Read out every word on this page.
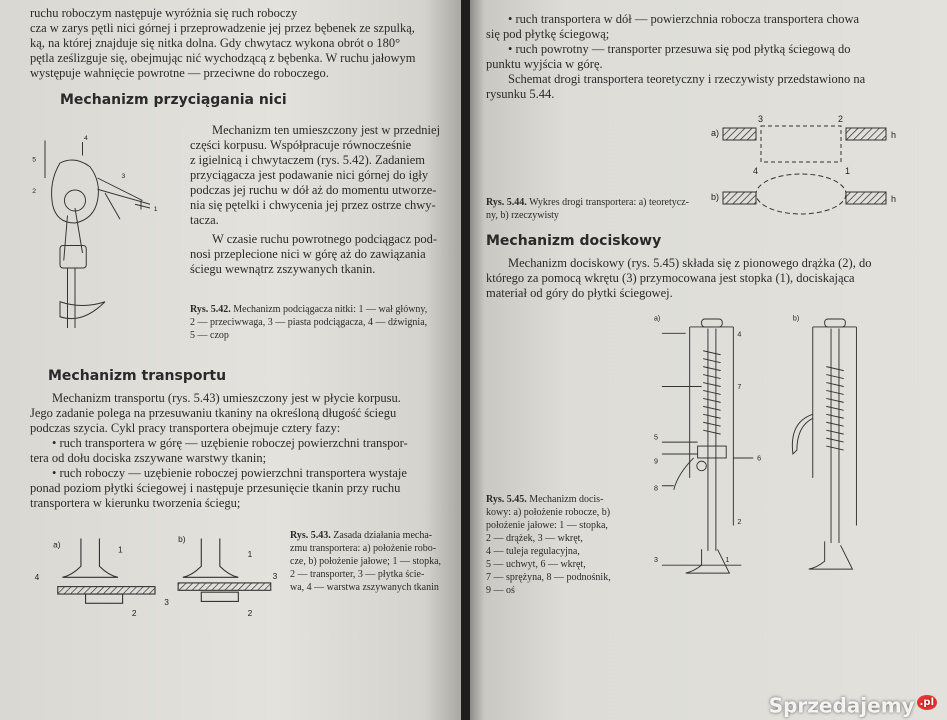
ruchu roboczym następuje wyróżnia się ruch roboczy
cza w zarys pętli nici górnej i przeprowadzenie jej przez bębenek ze szpulką,
ką, na której znajduje się nitka dolna. Gdy chwytacz wykona obrót o 180°
pętla ześlizguje się, obejmując nić wychodzącą z bębenka. W ruchu jałowym
występuje wahnięcie powrotne — przeciwne do roboczego.
Mechanizm przyciągania nici
4
5
3
2
1
Mechanizm ten umieszczony jest w przedniej
części korpusu. Współpracuje równocześnie
z igielnicą i chwytaczem (rys. 5.42). Zadaniem
przyciągacza jest podawanie nici górnej do igły
podczas jej ruchu w dół aż do momentu utworze-
nia się pętelki i chwycenia jej przez ostrze chwy-
tacza.
W czasie ruchu powrotnego podciągacz pod-
nosi przeplecione nici w górę aż do zawiązania
ściegu wewnątrz zszywanych tkanin.
Rys. 5.42. Mechanizm podciągacza nitki: 1 — wał główny,
2 — przeciwwaga, 3 — piasta podciągacza, 4 — dźwignia,
5 — czop
Mechanizm transportu
Mechanizm transportu (rys. 5.43) umieszczony jest w płycie korpusu.
Jego zadanie polega na przesuwaniu tkaniny na określoną długość ściegu
podczas szycia. Cykl pracy transportera obejmuje cztery fazy:
• ruch transportera w górę — uzębienie roboczej powierzchni transpor-
tera od dołu dociska zszywane warstwy tkanin;
• ruch roboczy — uzębienie roboczej powierzchni transportera wystaje
ponad poziom płytki ściegowej i następuje przesunięcie tkanin przy ruchu
transportera w kierunku tworzenia ściegu;
a)
b)
1
2
3
4
1
2
3
Rys. 5.43. Zasada działania mecha-
zmu transportera: a) położenie robo-
cze, b) położenie jałowe; 1 — stopka,
2 — transporter, 3 — płytka ście-
wa, 4 — warstwa zszywanych tkanin
• ruch transportera w dół — powierzchnia robocza transportera chowa
się pod płytkę ściegową;
• ruch powrotny — transporter przesuwa się pod płytką ściegową do
punktu wyjścia w górę.
Schemat drogi transportera teoretyczny i rzeczywisty przedstawiono na
rysunku 5.44.
Rys. 5.44. Wykres drogi transportera: a) teoretycz-
ny, b) rzeczywisty
a)
b)
1
2
3
4
h
h
Mechanizm dociskowy
Mechanizm dociskowy (rys. 5.45) składa się z pionowego drążka (2), do
którego za pomocą wkrętu (3) przymocowana jest stopka (1), dociskająca
materiał od góry do płytki ściegowej.
Rys. 5.45. Mechanizm docis-
kowy: a) położenie robocze, b)
położenie jałowe: 1 — stopka,
2 — drążek, 3 — wkręt,
4 — tuleja regulacyjna,
5 — uchwyt, 6 — wkręt,
7 — sprężyna, 8 — podnośnik,
9 — oś
a)	b)
1
2
3
4
5
6
7
8
9
Sprzedajemy $^{.pl}$
